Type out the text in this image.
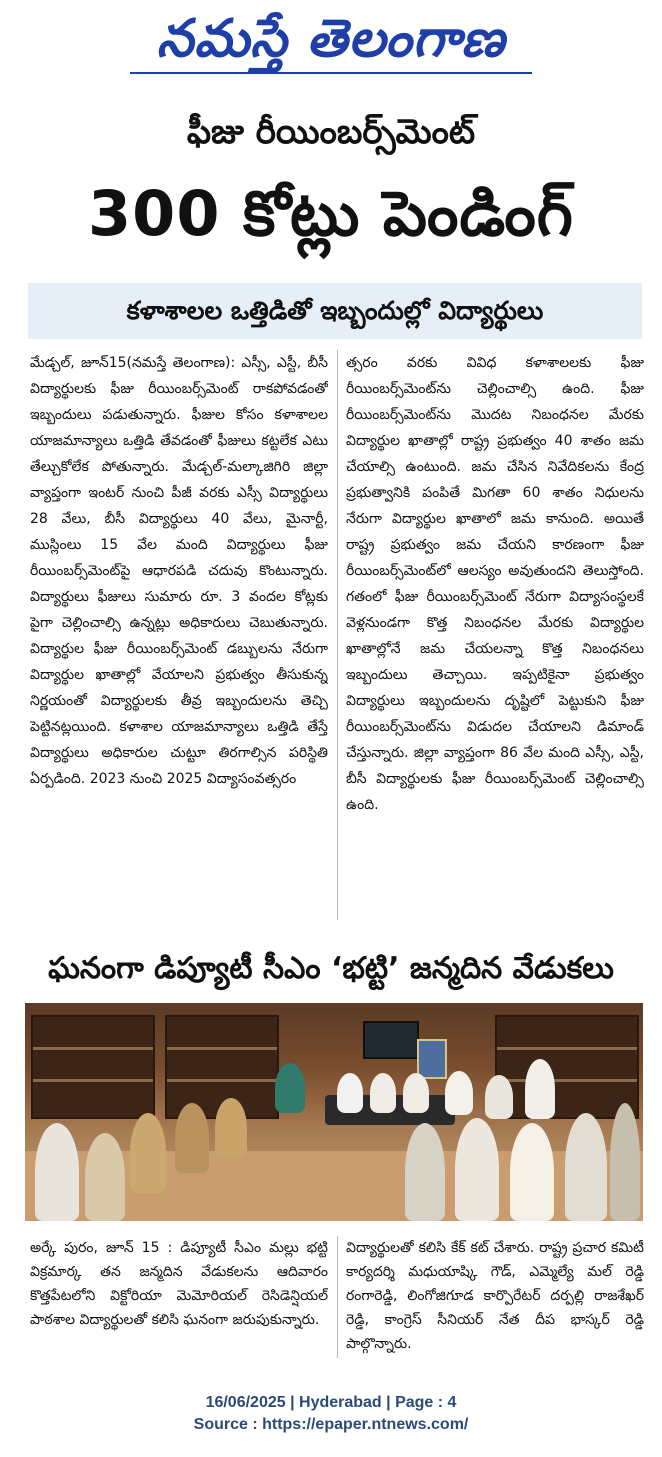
నమస్తే తెలంగాణ
ఫీజు రీయింబర్స్‌మెంట్
300 కోట్లు పెండింగ్
కళాశాలల ఒత్తిడితో ఇబ్బందుల్లో విద్యార్థులు
మేడ్చల్, జూన్15(నమస్తే తెలంగాణ): ఎస్సీ, ఎస్టీ, బీసీ విద్యార్థులకు ఫీజు రీయింబర్స్‌మెంట్ రాకపోవడంతో ఇబ్బందులు పడుతున్నారు. ఫీజుల కోసం కళాశాలల యాజమాన్యాలు ఒత్తిడి తేవడంతో ఫీజులు కట్టలేక ఎటు తేల్చుకోలేక పోతున్నారు. మేడ్చల్-మల్కాజిగిరి జిల్లా వ్యాప్తంగా ఇంటర్ నుంచి పీజీ వరకు ఎస్సీ విద్యార్థులు 28 వేలు, బీసీ విద్యార్థులు 40 వేలు, మైనార్టీ, ముస్లింలు 15 వేల మంది విద్యార్థులు ఫీజు రీయింబర్స్‌మెంట్‌పై ఆధారపడి చదువు కొంటున్నారు. విద్యార్థులు ఫీజులు సుమారు రూ. 3 వందల కోట్లకు పైగా చెల్లించాల్సి ఉన్నట్లు అధికారులు చెబుతున్నారు. విద్యార్థుల ఫీజు రీయింబర్స్‌మెంట్ డబ్బులను నేరుగా విద్యార్థుల ఖాతాల్లో వేయాలని ప్రభుత్వం తీసుకున్న నిర్ణయంతో విద్యార్థులకు తీవ్ర ఇబ్బందులను తెచ్చి పెట్టినట్లయింది. కళాశాల యాజమాన్యాలు ఒత్తిడి తేస్తే విద్యార్థులు అధికారుల చుట్టూ తిరగాల్సిన పరిస్థితి ఏర్పడింది. 2023 నుంచి 2025 విద్యాసంవత్సరం
త్సరం వరకు వివిధ కళాశాలలకు ఫీజు రీయింబర్స్‌మెంట్‌ను చెల్లించాల్సి ఉంది. ఫీజు రీయింబర్స్‌మెంట్‌ను మొదట నిబంధనల మేరకు విద్యార్థుల ఖాతాల్లో రాష్ట్ర ప్రభుత్వం 40 శాతం జమ చేయాల్సి ఉంటుంది. జమ చేసిన నివేదికలను కేంద్ర ప్రభుత్వానికి పంపితే మిగతా 60 శాతం నిధులను నేరుగా విద్యార్థుల ఖాతాలో జమ కానుంది. అయితే రాష్ట్ర ప్రభుత్వం జమ చేయని కారణంగా ఫీజు రీయింబర్స్‌మెంట్‌లో ఆలస్యం అవుతుందని తెలుస్తోంది. గతంలో ఫీజు రీయింబర్స్‌మెంట్ నేరుగా విద్యాసంస్థలకే వెళ్లనుండగా కొత్త నిబంధనల మేరకు విద్యార్థుల ఖాతాల్లోనే జమ చేయలన్నా కొత్త నిబంధనలు ఇబ్బందులు తెచ్చాయి. ఇప్పటికైనా ప్రభుత్వం విద్యార్థులు ఇబ్బందులను దృష్టిలో పెట్టుకుని ఫీజు రీయింబర్స్‌మెంట్‌ను విడుదల చేయాలని డిమాండ్ చేస్తున్నారు. జిల్లా వ్యాప్తంగా 86 వేల మంది ఎస్సీ, ఎస్టీ, బీసీ విద్యార్థులకు ఫీజు రీయింబర్స్‌మెంట్ చెల్లించాల్సి ఉంది.
ఘనంగా డిప్యూటీ సీఎం ‘భట్టి’ జన్మదిన వేడుకలు
అర్కే పురం, జూన్ 15 : డిప్యూటీ సీఎం మల్లు భట్టి విక్రమార్క తన జన్మదిన వేడుకలను ఆదివారం కొత్తపేటలోని విక్టోరియా మెమోరియల్ రెసిడెన్షియల్ పాఠశాల విద్యార్థులతో కలిసి ఘనంగా జరుపుకున్నారు.
విద్యార్థులతో కలిసి కేక్ కట్ చేశారు. రాష్ట్ర ప్రచార కమిటీ కార్యదర్శి మధుయాష్కి గౌడ్, ఎమ్మెల్యే మల్ రెడ్డి రంగారెడ్డి, లింగోజిగూడ కార్పొరేటర్ దర్పల్లి రాజశేఖర్ రెడ్డి, కాంగ్రెస్ సీనియర్ నేత దీప భాస్కర్ రెడ్డి పాల్గొన్నారు.
16/06/2025 | Hyderabad | Page : 4
Source : https://epaper.ntnews.com/
